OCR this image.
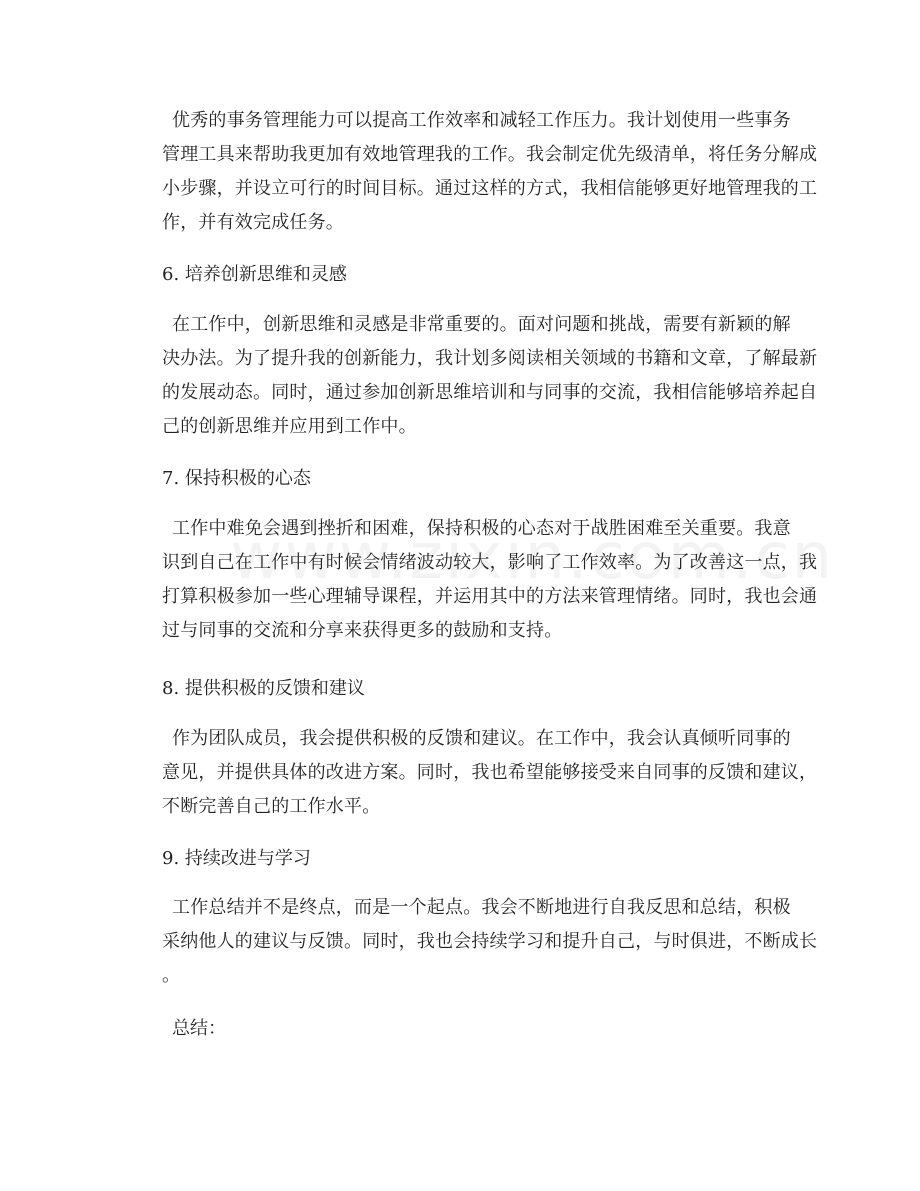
优秀的事务管理能力可以提高工作效率和减轻工作压力。我计划使用一些事务
管理工具来帮助我更加有效地管理我的工作。我会制定优先级清单，将任务分解成
小步骤，并设立可行的时间目标。通过这样的方式，我相信能够更好地管理我的工
作，并有效完成任务。
6. 培养创新思维和灵感
在工作中，创新思维和灵感是非常重要的。面对问题和挑战，需要有新颖的解
决办法。为了提升我的创新能力，我计划多阅读相关领域的书籍和文章，了解最新
的发展动态。同时，通过参加创新思维培训和与同事的交流，我相信能够培养起自
己的创新思维并应用到工作中。
7. 保持积极的心态
工作中难免会遇到挫折和困难，保持积极的心态对于战胜困难至关重要。我意
识到自己在工作中有时候会情绪波动较大，影响了工作效率。为了改善这一点，我
打算积极参加一些心理辅导课程，并运用其中的方法来管理情绪。同时，我也会通
过与同事的交流和分享来获得更多的鼓励和支持。
8. 提供积极的反馈和建议
作为团队成员，我会提供积极的反馈和建议。在工作中，我会认真倾听同事的
意见，并提供具体的改进方案。同时，我也希望能够接受来自同事的反馈和建议，
不断完善自己的工作水平。
9. 持续改进与学习
工作总结并不是终点，而是一个起点。我会不断地进行自我反思和总结，积极
采纳他人的建议与反馈。同时，我也会持续学习和提升自己，与时俱进，不断成长
。
总结：
